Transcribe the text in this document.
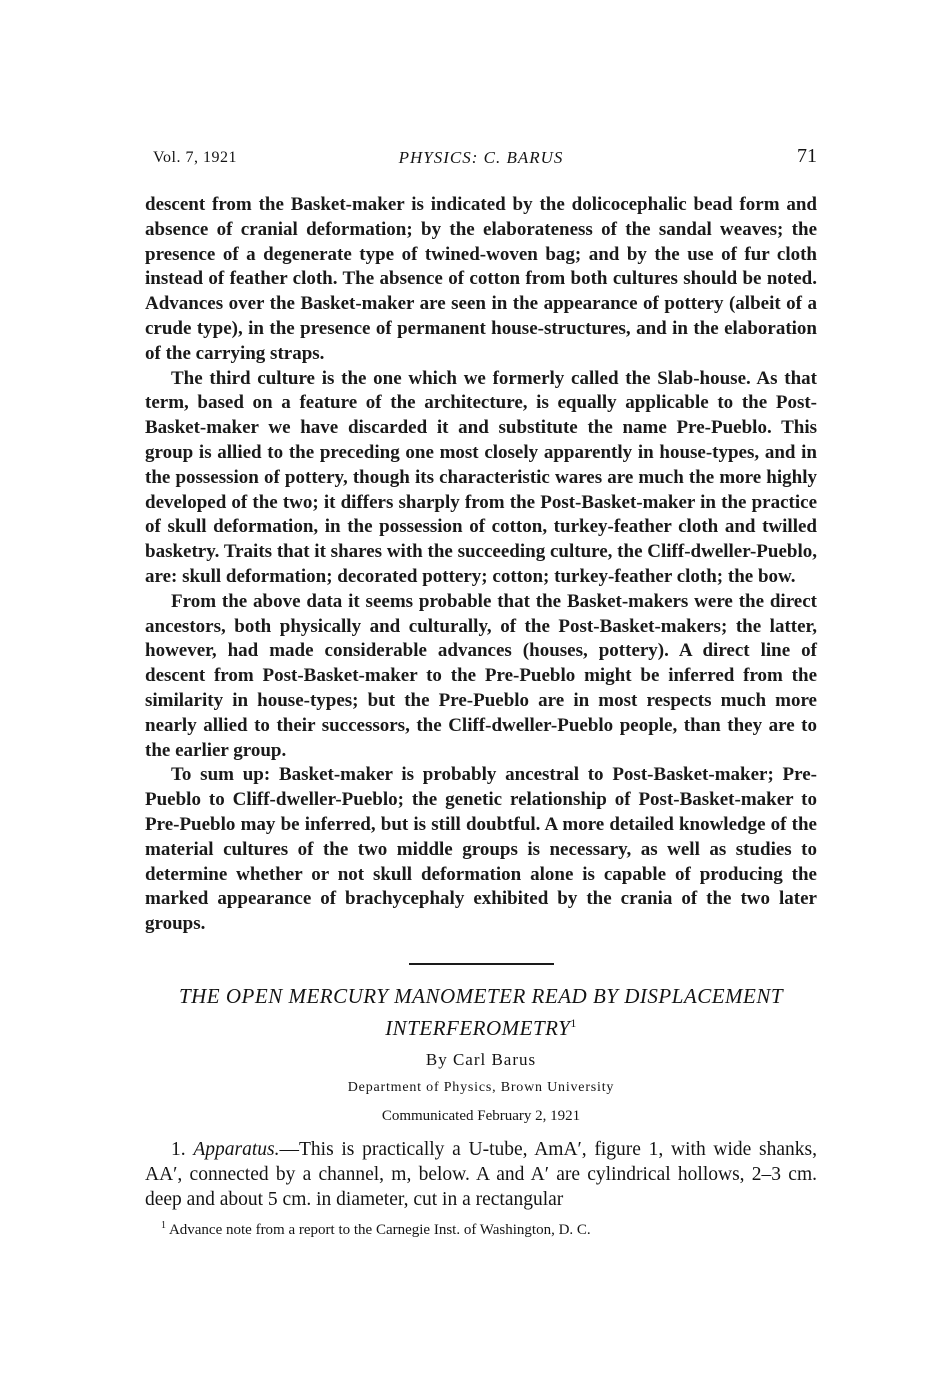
Vol. 7, 1921	PHYSICS: C. BARUS	71

descent from the Basket-maker is indicated by the dolicocephalic bead form and absence of cranial deformation; by the elaborateness of the sandal weaves; the presence of a degenerate type of twined-woven bag; and by the use of fur cloth instead of feather cloth. The absence of cotton from both cultures should be noted. Advances over the Basket-maker are seen in the appearance of pottery (albeit of a crude type), in the presence of permanent house-structures, and in the elaboration of the carrying straps.

The third culture is the one which we formerly called the Slab-house. As that term, based on a feature of the architecture, is equally applicable to the Post-Basket-maker we have discarded it and substitute the name Pre-Pueblo. This group is allied to the preceding one most closely apparently in house-types, and in the possession of pottery, though its characteristic wares are much the more highly developed of the two; it differs sharply from the Post-Basket-maker in the practice of skull deformation, in the possession of cotton, turkey-feather cloth and twilled basketry. Traits that it shares with the succeeding culture, the Cliff-dweller-Pueblo, are: skull deformation; decorated pottery; cotton; turkey-feather cloth; the bow.

From the above data it seems probable that the Basket-makers were the direct ancestors, both physically and culturally, of the Post-Basket-makers; the latter, however, had made considerable advances (houses, pottery). A direct line of descent from Post-Basket-maker to the Pre-Pueblo might be inferred from the similarity in house-types; but the Pre-Pueblo are in most respects much more nearly allied to their successors, the Cliff-dweller-Pueblo people, than they are to the earlier group.

To sum up: Basket-maker is probably ancestral to Post-Basket-maker; Pre-Pueblo to Cliff-dweller-Pueblo; the genetic relationship of Post-Basket-maker to Pre-Pueblo may be inferred, but is still doubtful. A more detailed knowledge of the material cultures of the two middle groups is necessary, as well as studies to determine whether or not skull deformation alone is capable of producing the marked appearance of brachycephaly exhibited by the crania of the two later groups.

THE OPEN MERCURY MANOMETER READ BY DISPLACEMENT
INTERFEROMETRY$^1$
By Carl Barus
Department of Physics, Brown University
Communicated February 2, 1921

1. Apparatus.—This is practically a U-tube, AmA′, figure 1, with wide shanks, AA′, connected by a channel, m, below. A and A′ are cylindrical hollows, 2–3 cm. deep and about 5 cm. in diameter, cut in a rectangular

$^1$ Advance note from a report to the Carnegie Inst. of Washington, D. C.
